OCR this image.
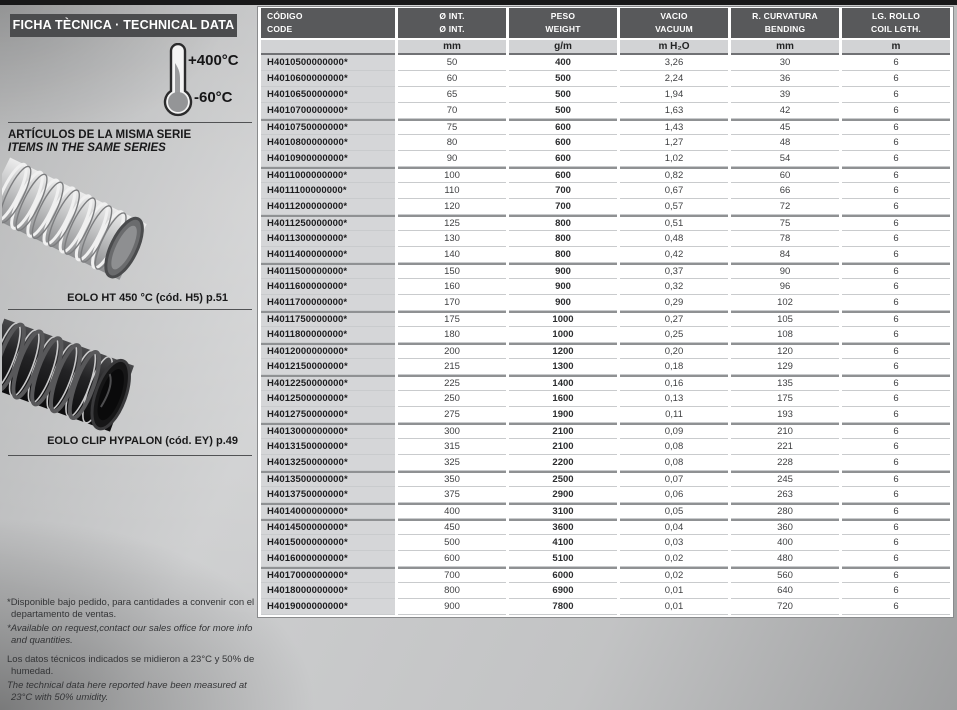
FICHA TÈCNICA · TECHNICAL DATA
+400°C
-60°C
ARTÍCULOS DE LA MISMA SERIE
ITEMS IN THE SAME SERIES
EOLO HT 450 °C (cód. H5) p.51
EOLO CLIP HYPALON (cód. EY) p.49

*Disponible bajo pedido, para cantidades a convenir con el departamento de ventas.

*Available on request,contact our sales office for more info and quantities.

Los datos técnicos indicados se midieron a 23°C y 50% de humedad.

The technical data here reported have been measured at 23°C with 50% umidity.

CÓDIGO
CODE

Ø INT.
Ø INT.

PESO
WEIGHT

VACIO
VACUUM

R. CURVATURA
BENDING

LG. ROLLO
COIL LGTH.

	mm	g/m	m H₂O	mm	m
H4010500000000*	50	400	3,26	30	6
H4010600000000*	60	500	2,24	36	6
H4010650000000*	65	500	1,94	39	6
H4010700000000*	70	500	1,63	42	6
H4010750000000*	75	600	1,43	45	6
H4010800000000*	80	600	1,27	48	6
H4010900000000*	90	600	1,02	54	6
H4011000000000*	100	600	0,82	60	6
H4011100000000*	110	700	0,67	66	6
H4011200000000*	120	700	0,57	72	6
H4011250000000*	125	800	0,51	75	6
H4011300000000*	130	800	0,48	78	6
H4011400000000*	140	800	0,42	84	6
H4011500000000*	150	900	0,37	90	6
H4011600000000*	160	900	0,32	96	6
H4011700000000*	170	900	0,29	102	6
H4011750000000*	175	1000	0,27	105	6
H4011800000000*	180	1000	0,25	108	6
H4012000000000*	200	1200	0,20	120	6
H4012150000000*	215	1300	0,18	129	6
H4012250000000*	225	1400	0,16	135	6
H4012500000000*	250	1600	0,13	175	6
H4012750000000*	275	1900	0,11	193	6
H4013000000000*	300	2100	0,09	210	6
H4013150000000*	315	2100	0,08	221	6
H4013250000000*	325	2200	0,08	228	6
H4013500000000*	350	2500	0,07	245	6
H4013750000000*	375	2900	0,06	263	6
H4014000000000*	400	3100	0,05	280	6
H4014500000000*	450	3600	0,04	360	6
H4015000000000*	500	4100	0,03	400	6
H4016000000000*	600	5100	0,02	480	6
H4017000000000*	700	6000	0,02	560	6
H4018000000000*	800	6900	0,01	640	6
H4019000000000*	900	7800	0,01	720	6
